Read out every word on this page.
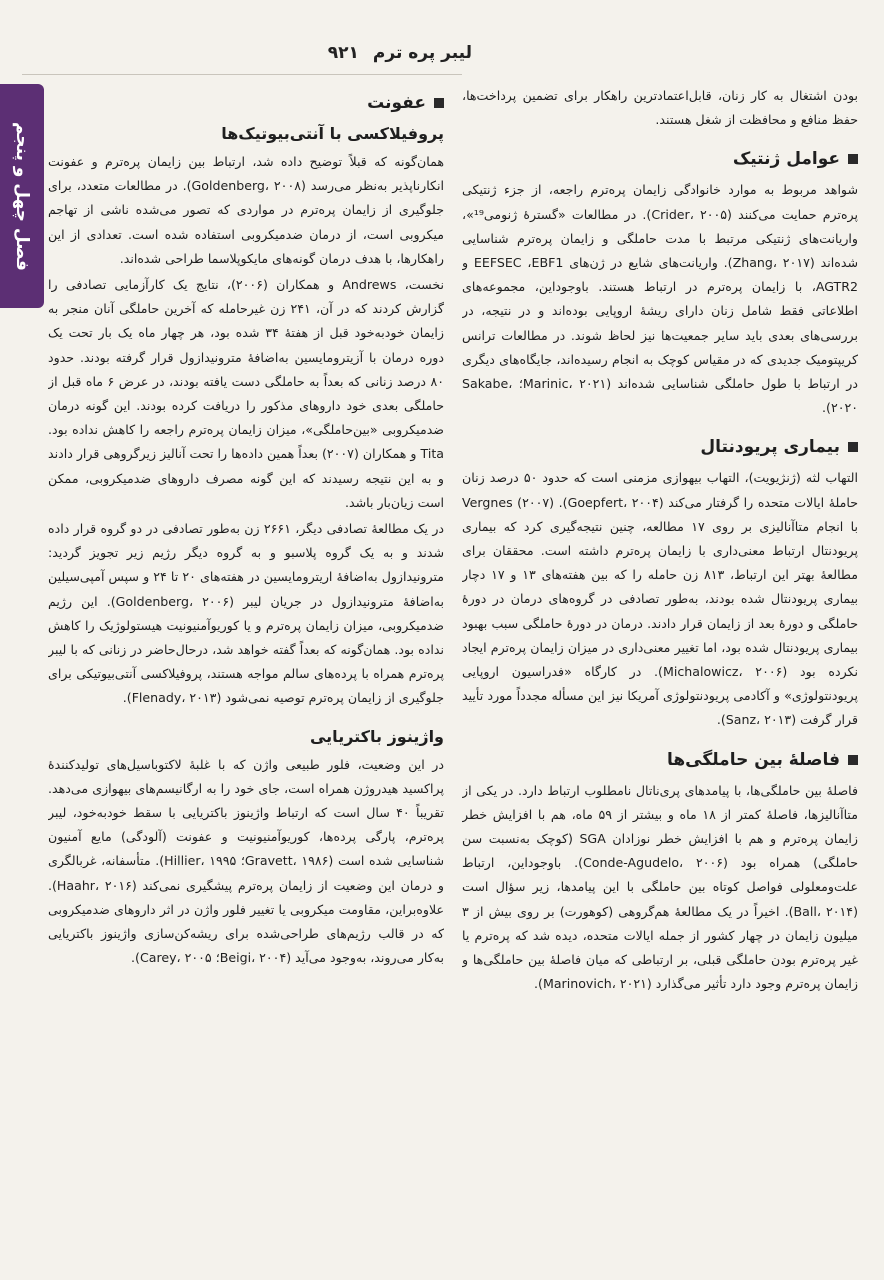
لیبر پره ترم
۹۲۱
فصل چهل و پنجم

بودن اشتغال به کار زنان، قابل‌اعتمادترین راهکار برای تضمین پرداخت‌ها، حفظ منافع و محافظت از شغل هستند.

عوامل ژنتیک

شواهد مربوط به موارد خانوادگی زایمان پره‌ترم راجعه، از جزء ژنتیکی پره‌ترم حمایت می‌کنند (Crider، ۲۰۰۵). در مطالعات «گسترهٔ ژنومی¹⁹»، واریانت‌های ژنتیکی مرتبط با مدت حاملگی و زایمان پره‌ترم شناسایی شده‌اند (Zhang، ۲۰۱۷). واریانت‌های شایع در ژن‌های EEFSEC ،EBF1 و AGTR2، با زایمان پره‌ترم در ارتباط هستند. باوجوداین، مجموعه‌های اطلاعاتی فقط شامل زنان دارای ریشهٔ اروپایی بوده‌اند و در نتیجه، در بررسی‌های بعدی باید سایر جمعیت‌ها نیز لحاظ شوند. در مطالعات ترانس کریپتومیک جدیدی که در مقیاس کوچک به انجام رسیده‌اند، جایگاه‌های دیگری در ارتباط با طول حاملگی شناسایی شده‌اند (Marinic، ۲۰۲۱؛ Sakabe، ۲۰۲۰).

بیماری پریودنتال

التهاب لثه (ژنژیویت)، التهاب بیهوازی مزمنی است که حدود ۵۰ درصد زنان حاملهٔ ایالات متحده را گرفتار می‌کند (Goepfert، ۲۰۰۴). Vergnes (۲۰۰۷) با انجام متاآنالیزی بر روی ۱۷ مطالعه، چنین نتیجه‌گیری کرد که بیماری پریودنتال ارتباط معنی‌داری با زایمان پره‌ترم داشته است. محققان برای مطالعهٔ بهتر این ارتباط، ۸۱۳ زن حامله را که بین هفته‌های ۱۳ و ۱۷ دچار بیماری پریودنتال شده بودند، به‌طور تصادفی در گروه‌های درمان در دورهٔ حاملگی و دورهٔ بعد از زایمان قرار دادند. درمان در دورهٔ حاملگی سبب بهبود بیماری پریودنتال شده بود، اما تغییر معنی‌داری در میزان زایمان پره‌ترم ایجاد نکرده بود (Michalowicz، ۲۰۰۶). در کارگاه «فدراسیون اروپایی پریودنتولوژی» و آکادمی پریودنتولوژی آمریکا نیز این مسأله مجدداً مورد تأیید قرار گرفت (Sanz، ۲۰۱۳).

فاصلهٔ بین حاملگی‌ها

فاصلهٔ بین حاملگی‌ها، با پیامدهای پری‌ناتال نامطلوب ارتباط دارد. در یکی از متاآنالیزها، فاصلهٔ کمتر از ۱۸ ماه و بیشتر از ۵۹ ماه، هم با افزایش خطر زایمان پره‌ترم و هم با افزایش خطر نوزادان SGA (کوچک به‌نسبت سن حاملگی) همراه بود (Conde-Agudelo، ۲۰۰۶). باوجوداین، ارتباط علت‌ومعلولی فواصل کوتاه بین حاملگی با این پیامدها، زیر سؤال است (Ball، ۲۰۱۴). اخیراً در یک مطالعهٔ هم‌گروهی (کوهورت) بر روی بیش از ۳ میلیون زایمان در چهار کشور از جمله ایالات متحده، دیده شد که پره‌ترم یا غیر پره‌ترم بودن حاملگی قبلی، بر ارتباطی که میان فاصلهٔ بین حاملگی‌ها و زایمان پره‌ترم وجود دارد تأثیر می‌گذارد (Marinovich، ۲۰۲۱).

عفونت
پروفیلاکسی با آنتی‌بیوتیک‌ها

همان‌گونه که قبلاً توضیح داده شد، ارتباط بین زایمان پره‌ترم و عفونت انکارناپذیر به‌نظر می‌رسد (Goldenberg، ۲۰۰۸). در مطالعات متعدد، برای جلوگیری از زایمان پره‌ترم در مواردی که تصور می‌شده ناشی از تهاجم میکروبی است، از درمان ضدمیکروبی استفاده شده است. تعدادی از این راهکارها، با هدف درمان گونه‌های مایکوپلاسما طراحی شده‌اند.

نخست، Andrews و همکاران (۲۰۰۶)، نتایج یک کارآزمایی تصادفی را گزارش کردند که در آن، ۲۴۱ زن غیرحامله که آخرین حاملگی آنان منجر به زایمان خودبه‌خود قبل از هفتهٔ ۳۴ شده بود، هر چهار ماه یک بار تحت یک دوره درمان با آزیترومایسین به‌اضافهٔ مترونیدازول قرار گرفته بودند. حدود ۸۰ درصد زنانی که بعداً به حاملگی دست یافته بودند، در عرض ۶ ماه قبل از حاملگی بعدی خود داروهای مذکور را دریافت کرده بودند. این گونه درمان ضدمیکروبی «بین‌حاملگی»، میزان زایمان پره‌ترم راجعه را کاهش نداده بود. Tita و همکاران (۲۰۰۷) بعداً همین داده‌ها را تحت آنالیز زیرگروهی قرار دادند و به این نتیجه رسیدند که این گونه مصرف داروهای ضدمیکروبی، ممکن است زیان‌بار باشد.

در یک مطالعهٔ تصادفی دیگر، ۲۶۶۱ زن به‌طور تصادفی در دو گروه قرار داده شدند و به یک گروه پلاسبو و به گروه دیگر رژیم زیر تجویز گردید: مترونیدازول به‌اضافهٔ اریترومایسین در هفته‌های ۲۰ تا ۲۴ و سپس آمپی‌سیلین به‌اضافهٔ مترونیدازول در جریان لیبر (Goldenberg، ۲۰۰۶). این رژیم ضدمیکروبی، میزان زایمان پره‌ترم و یا کوریوآمنیونیت هیستولوژیک را کاهش نداده بود. همان‌گونه که بعداً گفته خواهد شد، درحال‌حاضر در زنانی که با لیبر پره‌ترم همراه با پرده‌های سالم مواجه هستند، پروفیلاکسی آنتی‌بیوتیکی برای جلوگیری از زایمان پره‌ترم توصیه نمی‌شود (Flenady، ۲۰۱۳).

واژینوز باکتریایی

در این وضعیت، فلور طبیعی واژن که با غلبهٔ لاکتوباسیل‌های تولیدکنندهٔ پراکسید هیدروژن همراه است، جای خود را به ارگانیسم‌های بیهوازی می‌دهد. تقریباً ۴۰ سال است که ارتباط واژینوز باکتریایی با سقط خودبه‌خود، لیبر پره‌ترم، پارگی پرده‌ها، کوریوآمنیونیت و عفونت (آلودگی) مایع آمنیون شناسایی شده است (Gravett، ۱۹۸۶؛ Hillier، ۱۹۹۵). متأسفانه، غربالگری و درمان این وضعیت از زایمان پره‌ترم پیشگیری نمی‌کند (Haahr، ۲۰۱۶). علاوه‌براین، مقاومت میکروبی یا تغییر فلور واژن در اثر داروهای ضدمیکروبی که در قالب رژیم‌های طراحی‌شده برای ریشه‌کن‌سازی واژینوز باکتریایی به‌کار می‌روند، به‌وجود می‌آید (Beigi، ۲۰۰۴؛ Carey، ۲۰۰۵).
